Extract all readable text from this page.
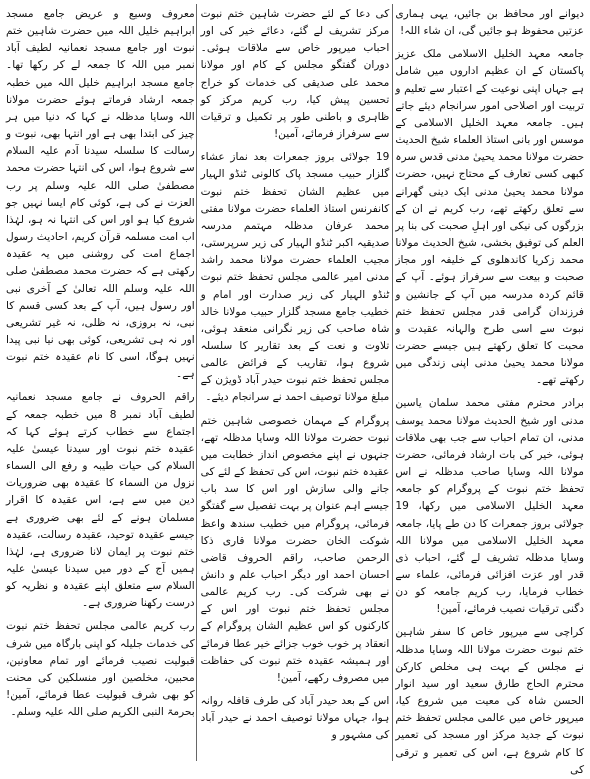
دیوانے اور محافظ بن جائیں، یہی ہماری عزتیں محفوظ ہو جائیں گی، ان شاء اللہ!

جامعہ معہد الخلیل الاسلامی ملک عزیز پاکستان کے ان عظیم اداروں میں شامل ہے جہاں اپنی نوعیت کے اعتبار سے تعلیم و تربیت اور اصلاحی امور سرانجام دیئے جاتے ہیں۔ جامعہ معہد الخلیل الاسلامی کے موسس اور بانی استاذ العلماء شیخ الحدیث حضرت مولانا محمد یحییٰ مدنی قدس سرہ کبھی کسی تعارف کے محتاج نہیں، حضرت مولانا محمد یحییٰ مدنی ایک دینی گھرانے سے تعلق رکھتے تھے، رب کریم نے ان کے بزرگوں کی نیکی اور اہلِ صحبت کی بنا پر العلم کی توفیق بخشی، شیخ الحدیث مولانا محمد زکریا کاندھلوی کے خلیفہ اور مجاز صحبت و بیعت سے سرفراز ہوئے۔ آپ کے قائم کردہ مدرسہ میں آپ کے جانشین و فرزندان گرامی قدر مجلس تحفظ ختم نبوت سے اسی طرح والہانہ عقیدت و محبت کا تعلق رکھتے ہیں جیسے حضرت مولانا محمد یحییٰ مدنی اپنی زندگی میں رکھتے تھے۔

برادر محترم مفتی محمد سلمان یاسین مدنی اور شیخ الحدیث مولانا محمد یوسف مدنی، ان تمام احباب سے جب بھی ملاقات ہوئی، خیر کی بات ارشاد فرمائی، حضرت مولانا اللہ وسایا صاحب مدظلہ نے اس تحفظ ختم نبوت کے پروگرام کو جامعہ معہد الخلیل الاسلامی میں رکھا، 19 جولائی بروز جمعرات کا دن طے پایا، جامعہ معہد الخلیل الاسلامی میں مولانا اللہ وسایا مدظلہ تشریف لے گئے، احباب ذی قدر اور عزت افزائی فرمائی، علماء سے خطاب فرمایا، رب کریم جامعہ کو دن دگنی ترقیات نصیب فرمائے، آمین!

کراچی سے میرپور خاص کا سفر شاہین ختم نبوت حضرت مولانا اللہ وسایا مدظلہ نے مجلس کے بہت ہی مخلص کارکن محترم الحاج طارق سعید اور سید انوار الحسن شاہ کی معیت میں شروع کیا، میرپور خاص میں عالمی مجلس تحفظ ختم نبوت کے جدید مرکز اور مسجد کی تعمیر کا کام شروع ہے، اس کی تعمیر و ترقی کی

کی دعا کے لئے حضرت شاہین ختم نبوت مرکز تشریف لے گئے، دعائے خیر کی اور احباب میرپور خاص سے ملاقات ہوئی۔ دوران گفتگو مجلس کے کام اور مولانا محمد علی صدیقی کی خدمات کو خراج تحسین پیش کیا، رب کریم مرکز کو ظاہری و باطنی طور پر تکمیل و ترقیات سے سرفراز فرمائے، آمین!

19 جولائی بروز جمعرات بعد نماز عشاء گلزار حبیب مسجد پاک کالونی ٹنڈو الہیار میں عظیم الشان تحفظ ختم نبوت کانفرنس استاذ العلماء حضرت مولانا مفتی محمد عرفان مدظلہ مہتمم مدرسہ صدیقیہ اکبر ٹنڈو الہیار کی زیر سرپرستی، مجیب العلماء حضرت مولانا محمد راشد مدنی امیر عالمی مجلس تحفظ ختم نبوت ٹنڈو الہیار کی زیر صدارت اور امام و خطیب جامع مسجد گلزار حبیب مولانا خالد شاہ صاحب کی زیر نگرانی منعقد ہوئی، تلاوت و نعت کے بعد تقاریر کا سلسلہ شروع ہوا، تقاریب کے فرائض عالمی مجلس تحفظ ختم نبوت حیدر آباد ڈویژن کے مبلغ مولانا توصیف احمد نے سرانجام دیئے۔

پروگرام کے مہمان خصوصی شاہین ختم نبوت حضرت مولانا اللہ وسایا مدظلہ تھے، جنہوں نے اپنے مخصوص انداز خطابت میں عقیدہ ختم نبوت، اس کی تحفظ کے لئے کی جانے والی سازش اور اس کا سد باب جیسے اہم عنوان پر بہت تفصیل سے گفتگو فرمائی، پروگرام میں خطیب سندھ واعظ شوکت الخان حضرت مولانا قاری ذکا الرحمن صاحب، راقم الحروف قاضی احسان احمد اور دیگر احباب علم و دانش نے بھی شرکت کی۔ رب کریم عالمی مجلس تحفظ ختم نبوت اور اس کے کارکنوں کو اس عظیم الشان پروگرام کے انعقاد پر خوب خوب جزائے خیر عطا فرمائے اور ہمیشہ عقیدہ ختم نبوت کی حفاظت میں مصروف رکھے، آمین!

اس کے بعد حیدر آباد کی طرف قافلہ روانہ ہوا، جہاں مولانا توصیف احمد نے حیدر آباد کی مشہور و

معروف وسیع و عریض جامع مسجد ابراہیم خلیل اللہ میں حضرت شاہین ختم نبوت اور جامع مسجد نعمانیہ لطیف آباد نمبر میں اللہ کا جمعہ لے کر رکھا تھا۔ جامع مسجد ابراہیم خلیل اللہ میں خطبہ جمعہ ارشاد فرماتے ہوئے حضرت مولانا اللہ وسایا مدظلہ نے کہا کہ دنیا میں ہر چیز کی ابتدا بھی ہے اور انتہا بھی، نبوت و رسالت کا سلسلہ سیدنا آدم علیہ السلام سے شروع ہوا، اس کی انتہا حضرت محمد مصطفیٰ صلی اللہ علیہ وسلم پر رب العزت نے کی ہے، کوئی کام ایسا نہیں جو شروع کیا ہو اور اس کی انتہا نہ ہو، لہٰذا اب امت مسلمہ قرآن کریم، احادیث رسول اجماع امت کی روشنی میں یہ عقیدہ رکھتی ہے کہ حضرت محمد مصطفیٰ صلی اللہ علیہ وسلم اللہ تعالیٰ کے آخری نبی اور رسول ہیں، آپ کے بعد کسی قسم کا نبی، نہ بروزی، نہ ظلی، نہ غیر تشریعی اور نہ ہی تشریعی، کوئی بھی نیا نبی پیدا نہیں ہوگا، اسی کا نام عقیدہ ختم نبوت ہے۔

راقم الحروف نے جامع مسجد نعمانیہ لطیف آباد نمبر 8 میں خطبہ جمعہ کے اجتماع سے خطاب کرتے ہوئے کہا کہ عقیدہ ختم نبوت اور سیدنا عیسیٰ علیہ السلام کی حیات طیبہ و رفع الی السماء نزول من السماء کا عقیدہ بھی ضروریات دین میں سے ہے، اس عقیدہ کا اقرار مسلمان ہونے کے لئے بھی ضروری ہے جیسے عقیدہ توحید، عقیدہ رسالت، عقیدہ ختم نبوت پر ایمان لانا ضروری ہے، لہٰذا ہمیں آج کے دور میں سیدنا عیسیٰ علیہ السلام سے متعلق اپنے عقیدہ و نظریہ کو درست رکھنا ضروری ہے۔

رب کریم عالمی مجلس تحفظ ختم نبوت کی خدمات جلیلہ کو اپنی بارگاہ میں شرف قبولیت نصیب فرمائے اور تمام معاونین، محبین، مخلصین اور منسلکین کی محنت کو بھی شرف قبولیت عطا فرمائے، آمین! بحرمۃ النبی الکریم صلی اللہ علیہ وسلم۔
